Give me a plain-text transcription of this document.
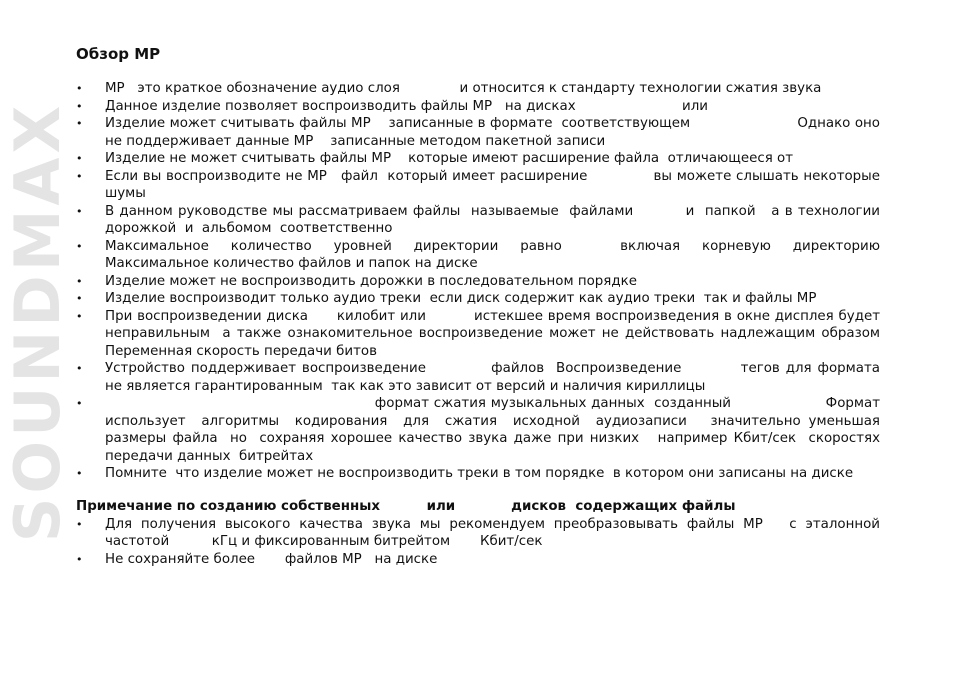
SOUNDMAX
Обзор MP
• MP   это краткое обозначение аудио слоя              и относится к стандарту технологии сжатия звука
• Данное изделие позволяет воспроизводить файлы MP   на дисках                         или
• Изделие может считывать файлы MP    записанные в формате  соответствующем                        Однако оно не поддерживает данные MP    записанные методом пакетной записи
• Изделие не может считывать файлы MP    которые имеют расширение файла  отличающееся от
• Если вы воспроизводите не MP   файл  который имеет расширение              вы можете слышать некоторые шумы
• В данном руководстве мы рассматриваем файлы  называемые  файлами          и  папкой   а в технологии       дорожкой  и  альбомом  соответственно
• Максимальное   количество   уровней   директории   равно        включая   корневую   директорию   Максимальное количество файлов и папок на диске
• Изделие может не воспроизводить дорожки в последовательном порядке
• Изделие воспроизводит только аудио треки  если диск содержит как аудио треки  так и файлы MP
• При воспроизведении диска      килобит или          истекшее время воспроизведения в окне дисплея будет неправильным  а также ознакомительное воспроизведение может не действовать надлежащим образом          Переменная скорость передачи битов
• Устройство поддерживает воспроизведение           файлов  Воспроизведение          тегов для формата        не является гарантированным  так как это зависит от версий и наличия кириллицы
•                                                          формат сжатия музыкальных данных  созданный                    Формат  использует  алгоритмы  кодирования  для  сжатия  исходной  аудиозаписи   значительно уменьшая размеры файла  но  сохраняя хорошее качество звука даже при низких   например Кбит/сек  скоростях передачи данных  битрейтах
• Помните  что изделие может не воспроизводить треки в том порядке  в котором они записаны на диске
Примечание по созданию собственных          или            дисков  содержащих файлы
• Для получения высокого качества звука мы рекомендуем преобразовывать файлы MP   с эталонной частотой          кГц и фиксированным битрейтом       Кбит/сек
• Не сохраняйте более       файлов MP   на диске
